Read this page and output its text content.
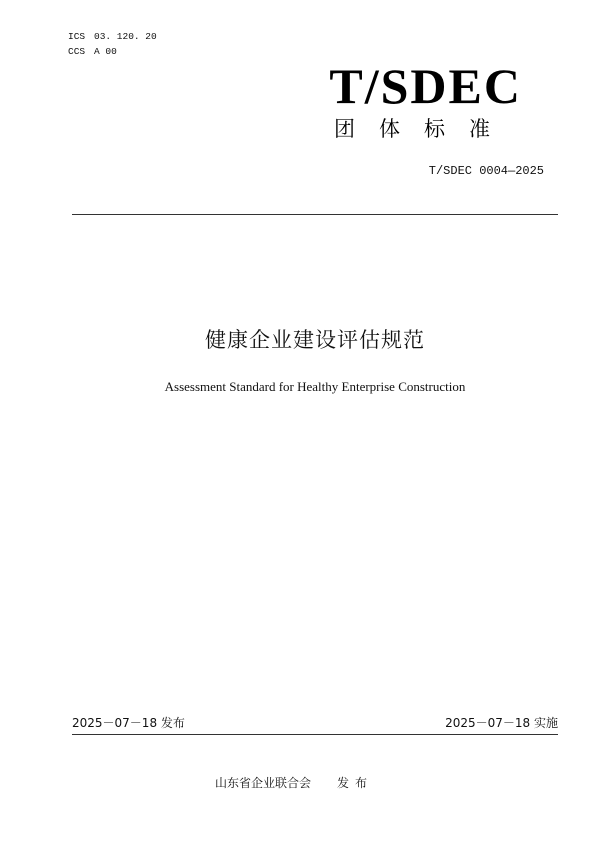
ICS 03. 120. 20
CCS A 00
T/SDEC
团体标准
T/SDEC 0004—2025
健康企业建设评估规范
Assessment Standard for Healthy Enterprise Construction
2025－07－18 发布	2025－07－18 实施
山东省企业联合会 发布
